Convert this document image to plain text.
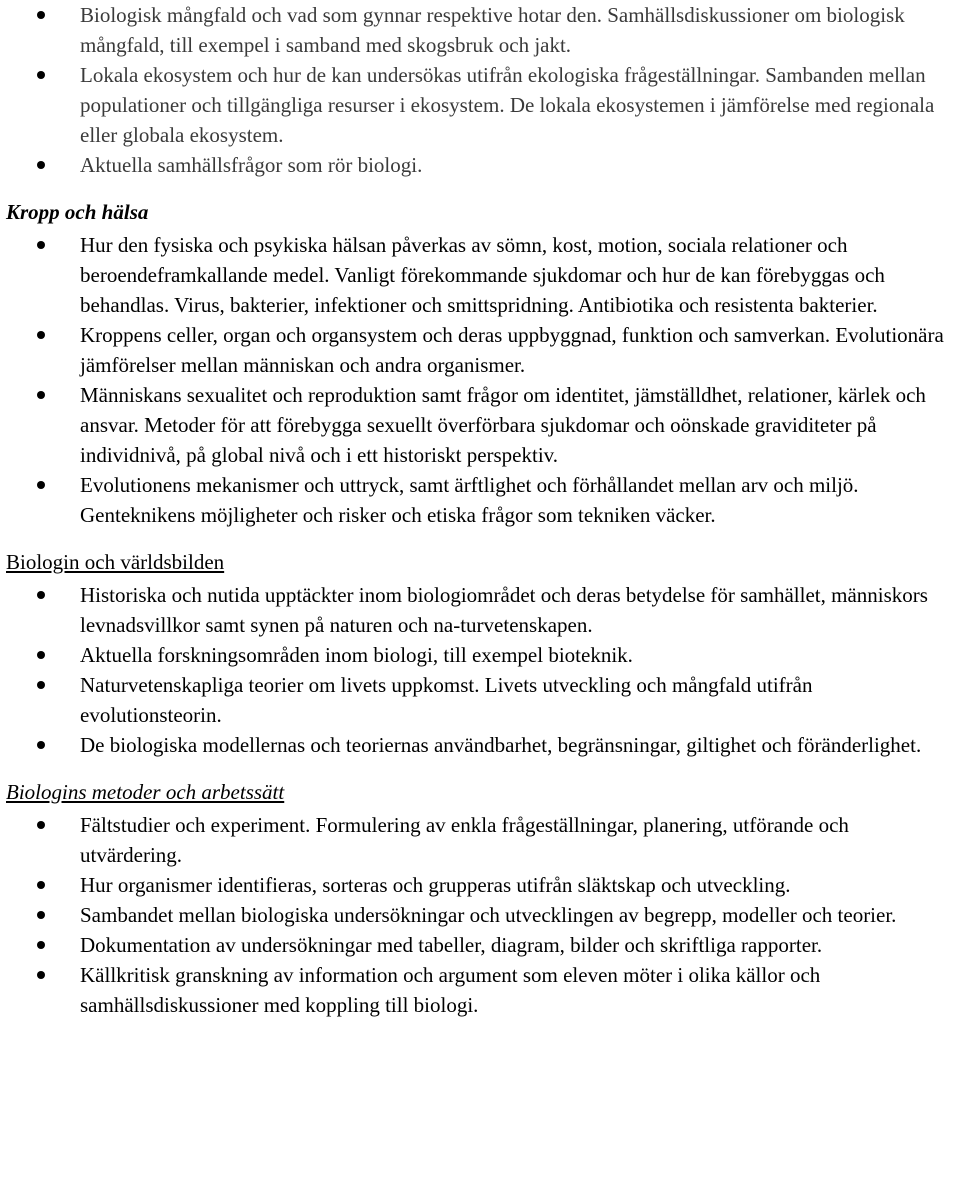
Biologisk mångfald och vad som gynnar respektive hotar den. Samhällsdiskussioner om biologisk mångfald, till exempel i samband med skogsbruk och jakt.
Lokala ekosystem och hur de kan undersökas utifrån ekologiska frågeställningar. Sambanden mellan populationer och tillgängliga resurser i ekosystem. De lokala ekosystemen i jämförelse med regionala eller globala ekosystem.
Aktuella samhällsfrågor som rör biologi.
Kropp och hälsa
Hur den fysiska och psykiska hälsan påverkas av sömn, kost, motion, sociala relationer och beroendeframkallande medel. Vanligt förekommande sjukdomar och hur de kan förebyggas och behandlas. Virus, bakterier, infektioner och smittspridning. Antibiotika och resistenta bakterier.
Kroppens celler, organ och organsystem och deras uppbyggnad, funktion och samverkan. Evolutionära jämförelser mellan människan och andra organismer.
Människans sexualitet och reproduktion samt frågor om identitet, jämställdhet, relationer, kärlek och ansvar. Metoder för att förebygga sexuellt överförbara sjukdomar och oönskade graviditeter på individnivå, på global nivå och i ett historiskt perspektiv.
Evolutionens mekanismer och uttryck, samt ärftlighet och förhållandet mellan arv och miljö. Genteknikens möjligheter och risker och etiska frågor som tekniken väcker.
Biologin och världsbilden
Historiska och nutida upptäckter inom biologiområdet och deras betydelse för samhället, människors levnadsvillkor samt synen på naturen och na-turvetenskapen.
Aktuella forskningsområden inom biologi, till exempel bioteknik.
Naturvetenskapliga teorier om livets uppkomst. Livets utveckling och mångfald utifrån evolutionsteorin.
De biologiska modellernas och teoriernas användbarhet, begränsningar, giltighet och föränderlighet.
Biologins metoder och arbetssätt
Fältstudier och experiment. Formulering av enkla frågeställningar, planering, utförande och utvärdering.
Hur organismer identifieras, sorteras och grupperas utifrån släktskap och utveckling.
Sambandet mellan biologiska undersökningar och utvecklingen av begrepp, modeller och teorier.
Dokumentation av undersökningar med tabeller, diagram, bilder och skriftliga rapporter.
Källkritisk granskning av information och argument som eleven möter i olika källor och samhällsdiskussioner med koppling till biologi.
